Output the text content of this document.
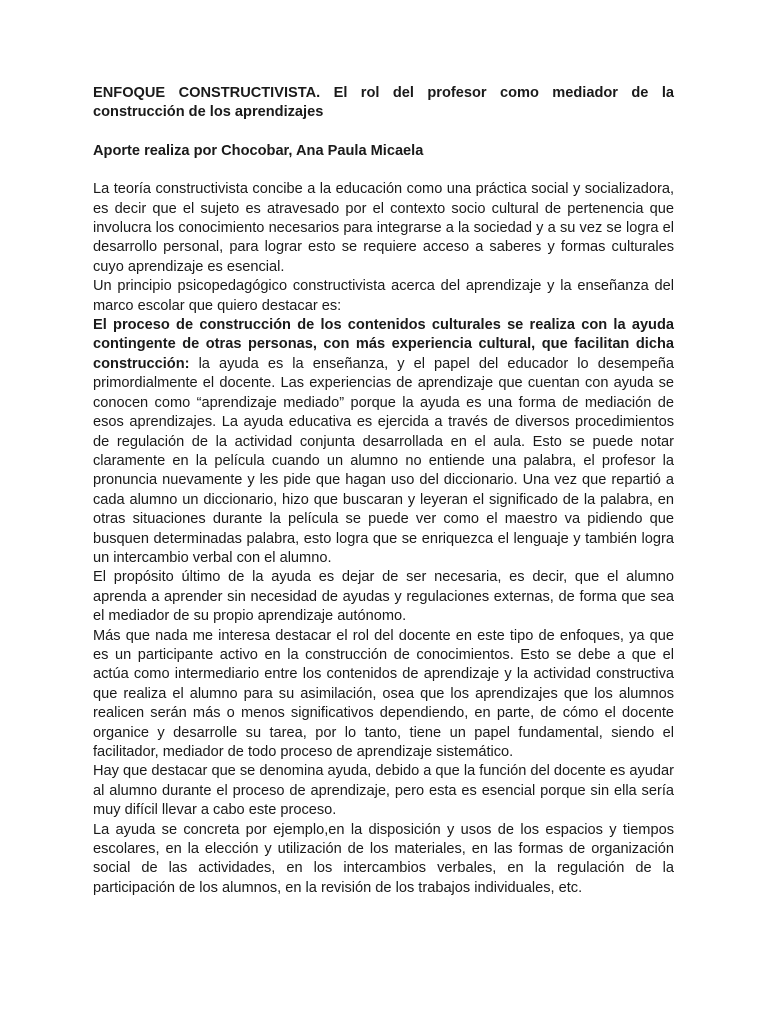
ENFOQUE CONSTRUCTIVISTA. El rol del profesor como mediador de la construcción de los aprendizajes

Aporte realiza por Chocobar, Ana Paula Micaela

La teoría constructivista concibe a la educación como una práctica social y socializadora, es decir que el sujeto es atravesado por el contexto socio cultural de pertenencia que involucra los conocimiento necesarios para integrarse a la sociedad y a su vez se logra el desarrollo personal, para lograr esto se requiere acceso a saberes y formas culturales cuyo aprendizaje es esencial.

Un principio psicopedagógico constructivista acerca del aprendizaje y la enseñanza del marco escolar que quiero destacar es:

El proceso de construcción de los contenidos culturales se realiza con la ayuda contingente de otras personas, con más experiencia cultural, que facilitan dicha construcción: la ayuda es la enseñanza, y el papel del educador lo desempeña primordialmente el docente. Las experiencias de aprendizaje que cuentan con ayuda se conocen como “aprendizaje mediado” porque la ayuda es una forma de mediación de esos aprendizajes. La ayuda educativa es ejercida a través de diversos procedimientos de regulación de la actividad conjunta desarrollada en el aula. Esto se puede notar claramente en la película cuando un alumno no entiende una palabra, el profesor la pronuncia nuevamente y les pide que hagan uso del diccionario. Una vez que repartió a cada alumno un diccionario, hizo que buscaran y leyeran el significado de la palabra, en otras situaciones durante la película se puede ver como el maestro va pidiendo que busquen determinadas palabra, esto logra que se enriquezca el lenguaje y también logra un intercambio verbal con el alumno.

El propósito último de la ayuda es dejar de ser necesaria, es decir, que el alumno aprenda a aprender sin necesidad de ayudas y regulaciones externas, de forma que sea el mediador de su propio aprendizaje autónomo.

Más que nada me interesa destacar el rol del docente en este tipo de enfoques, ya que es un participante activo en la construcción de conocimientos. Esto se debe a que el actúa como intermediario entre los contenidos de aprendizaje y la actividad constructiva que realiza el alumno para su asimilación, osea que los aprendizajes que los alumnos realicen serán más o menos significativos dependiendo, en parte, de cómo el docente organice y desarrolle su tarea, por lo tanto, tiene un papel fundamental, siendo el facilitador, mediador de todo proceso de aprendizaje sistemático.

Hay que destacar que se denomina ayuda, debido a que la función del docente es ayudar al alumno durante el proceso de aprendizaje, pero esta es esencial porque sin ella sería muy difícil llevar a cabo este proceso.

La ayuda se concreta por ejemplo,en la disposición y usos de los espacios y tiempos escolares, en la elección y utilización de los materiales, en las formas de organización social de las actividades, en los intercambios verbales, en la regulación de la participación de los alumnos, en la revisión de los trabajos individuales, etc.
